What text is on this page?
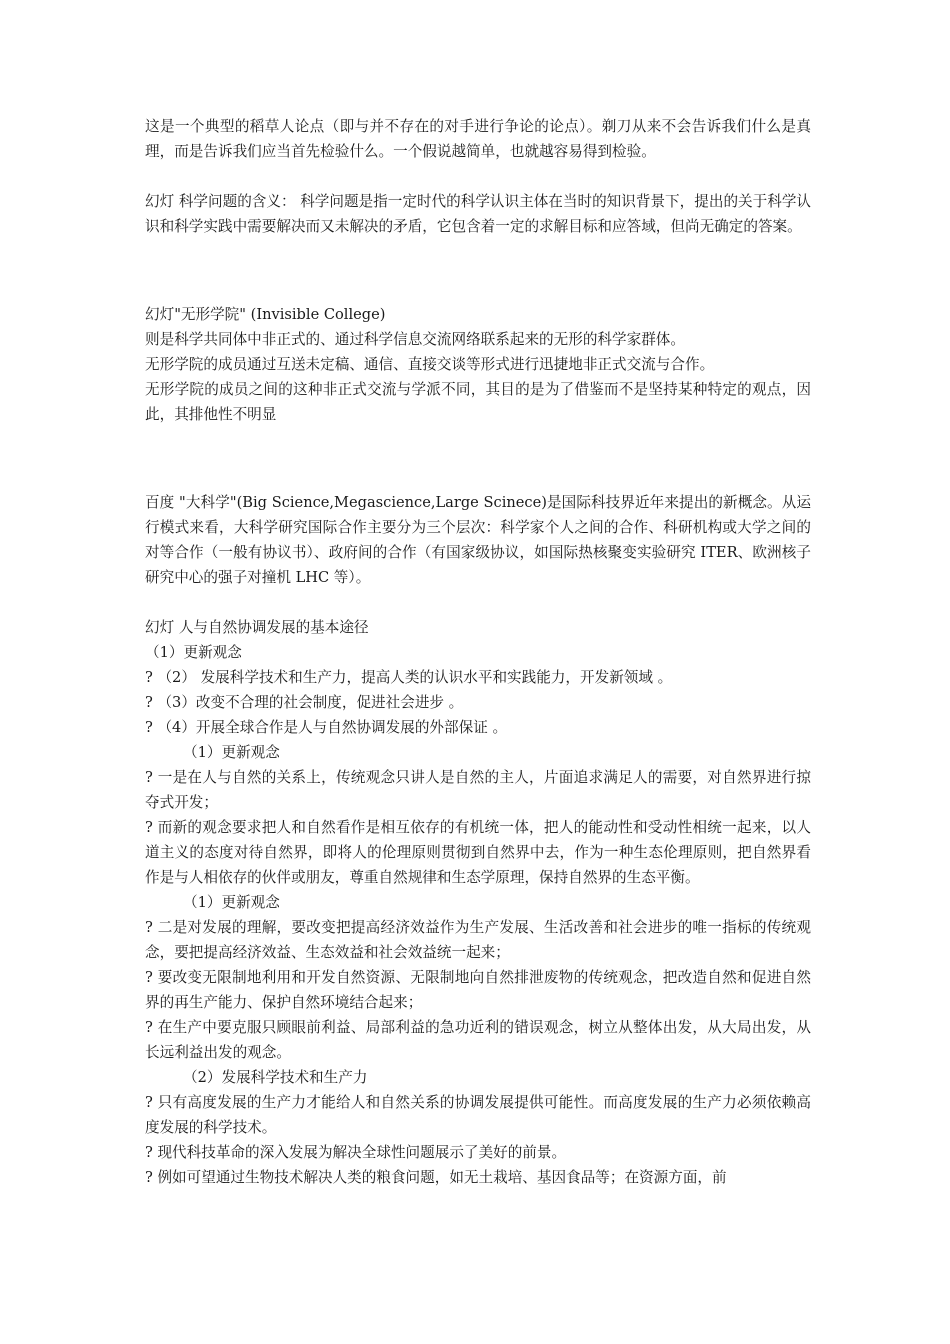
这是一个典型的稻草人论点（即与并不存在的对手进行争论的论点）。剃刀从来不会告诉我们什么是真理，而是告诉我们应当首先检验什么。一个假说越简单，也就越容易得到检验。

幻灯 科学问题的含义： 科学问题是指一定时代的科学认识主体在当时的知识背景下，提出的关于科学认识和科学实践中需要解决而又未解决的矛盾，它包含着一定的求解目标和应答域，但尚无确定的答案。

幻灯"无形学院" (Invisible College)

则是科学共同体中非正式的、通过科学信息交流网络联系起来的无形的科学家群体。

无形学院的成员通过互送未定稿、通信、直接交谈等形式进行迅捷地非正式交流与合作。

无形学院的成员之间的这种非正式交流与学派不同，其目的是为了借鉴而不是坚持某种特定的观点，因此，其排他性不明显

百度 "大科学"(Big Science,Megascience,Large Scinece)是国际科技界近年来提出的新概念。从运行模式来看，大科学研究国际合作主要分为三个层次：科学家个人之间的合作、科研机构或大学之间的对等合作（一般有协议书）、政府间的合作（有国家级协议，如国际热核聚变实验研究 ITER、欧洲核子研究中心的强子对撞机 LHC 等）。

幻灯 人与自然协调发展的基本途径

（1）更新观念

? （2） 发展科学技术和生产力，提高人类的认识水平和实践能力，开发新领域 。

? （3）改变不合理的社会制度，促进社会进步 。

? （4）开展全球合作是人与自然协调发展的外部保证 。

（1）更新观念

? 一是在人与自然的关系上，传统观念只讲人是自然的主人，片面追求满足人的需要，对自然界进行掠夺式开发；

? 而新的观念要求把人和自然看作是相互依存的有机统一体，把人的能动性和受动性相统一起来，以人道主义的态度对待自然界，即将人的伦理原则贯彻到自然界中去，作为一种生态伦理原则，把自然界看作是与人相依存的伙伴或朋友，尊重自然规律和生态学原理，保持自然界的生态平衡。

（1）更新观念

? 二是对发展的理解，要改变把提高经济效益作为生产发展、生活改善和社会进步的唯一指标的传统观念，要把提高经济效益、生态效益和社会效益统一起来；

? 要改变无限制地利用和开发自然资源、无限制地向自然排泄废物的传统观念，把改造自然和促进自然界的再生产能力、保护自然环境结合起来；

? 在生产中要克服只顾眼前利益、局部利益的急功近利的错误观念，树立从整体出发，从大局出发，从长远利益出发的观念。

（2）发展科学技术和生产力

? 只有高度发展的生产力才能给人和自然关系的协调发展提供可能性。而高度发展的生产力必须依赖高度发展的科学技术。

? 现代科技革命的深入发展为解决全球性问题展示了美好的前景。

? 例如可望通过生物技术解决人类的粮食问题，如无土栽培、基因食品等；在资源方面，前
